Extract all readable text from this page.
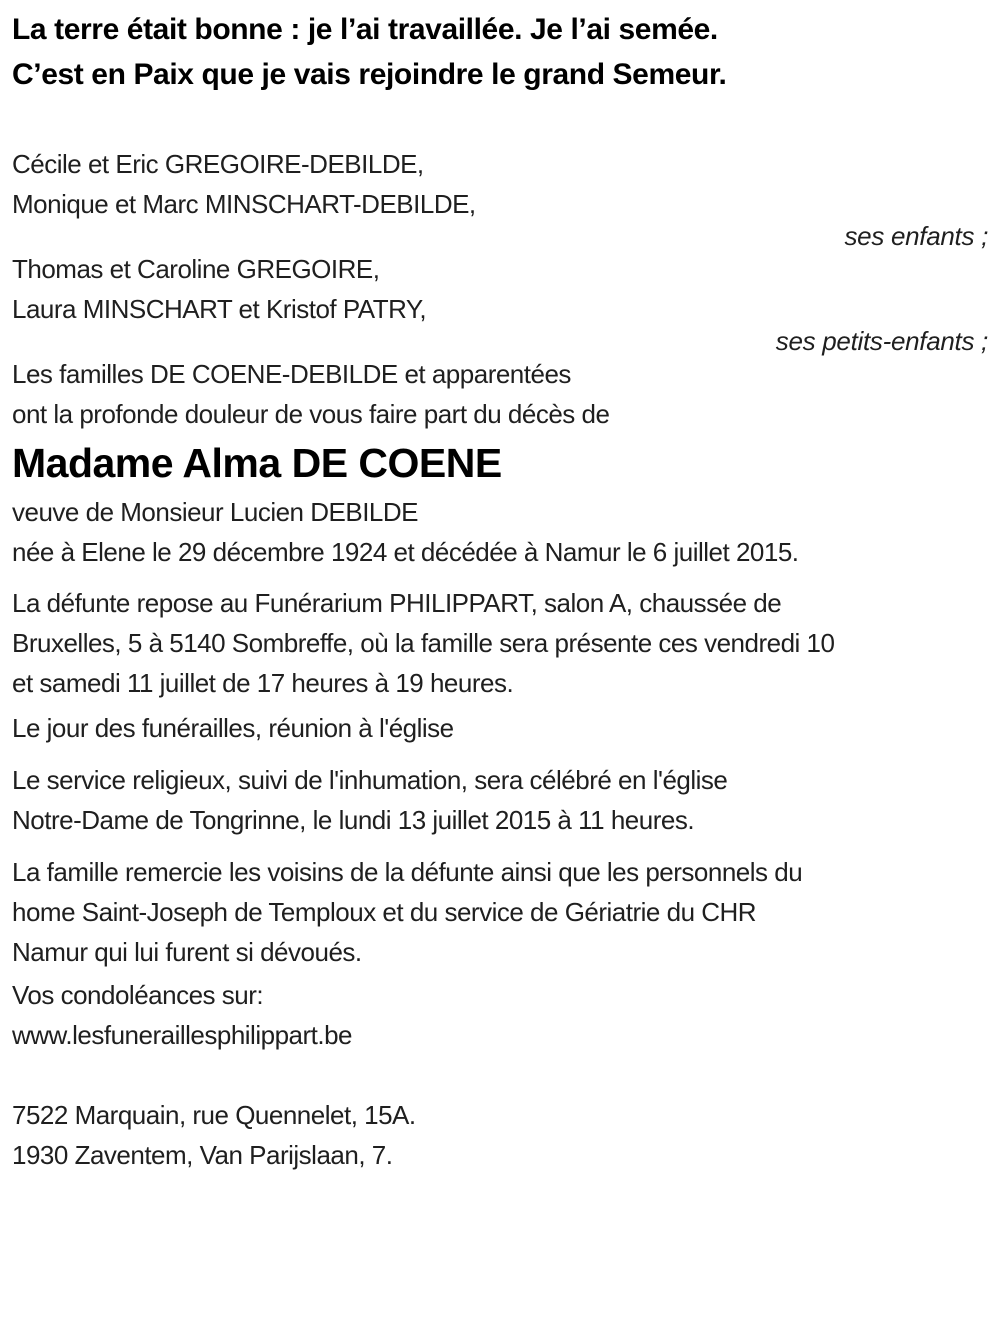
La terre était bonne : je l’ai travaillée. Je l’ai semée.

C’est en Paix que je vais rejoindre le grand Semeur.

Cécile et Eric GREGOIRE-DEBILDE,

Monique et Marc MINSCHART-DEBILDE,

ses enfants ;

Thomas et Caroline GREGOIRE,

Laura MINSCHART et Kristof PATRY,

ses petits-enfants ;

Les familles DE COENE-DEBILDE et apparentées

ont la profonde douleur de vous faire part du décès de

Madame Alma DE COENE

veuve de Monsieur Lucien DEBILDE

née à Elene le 29 décembre 1924 et décédée à Namur le 6 juillet 2015.

La défunte repose au Funérarium PHILIPPART, salon A, chaussée de

Bruxelles, 5 à 5140 Sombreffe, où la famille sera présente ces vendredi 10

et samedi 11 juillet de 17 heures à 19 heures.

Le jour des funérailles, réunion à l'église

Le service religieux, suivi de l'inhumation, sera célébré en l'église

Notre-Dame de Tongrinne, le lundi 13 juillet 2015 à 11 heures.

La famille remercie les voisins de la défunte ainsi que les personnels du

home Saint-Joseph de Temploux et du service de Gériatrie du CHR

Namur qui lui furent si dévoués.

Vos condoléances sur:

www.lesfuneraillesphilippart.be

7522 Marquain, rue Quennelet, 15A.

1930 Zaventem, Van Parijslaan, 7.
